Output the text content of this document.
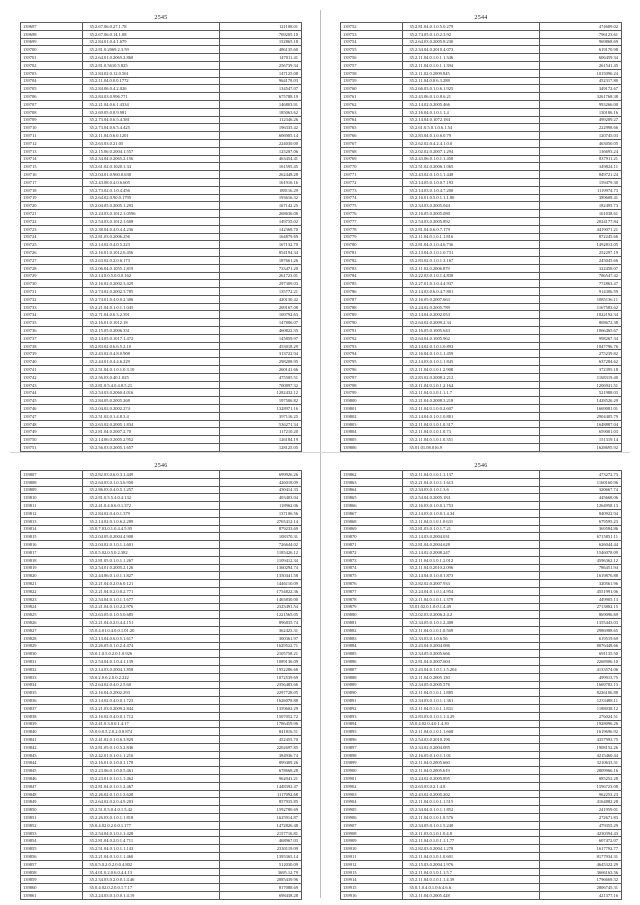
2545
139697	35.2.67.06.0.27.1.78	121108.01
139698	35.2.67.06.0.14.1.08	769205.10
139699	35.2.84.01.0.4.1.679	152865.18
139700	35.2.81.0.2069.2.3.59	486135.60
139701	35.2.64.01.0.2065.2.860	147011.41
139702	35.2.81.0.5610.5.825	256739.34
139703	35.2.84.02.0.12.0.561	147125.08
139704	35.2.11.04.0.0.0.1772	964178.03
139705	35.2.84.06.0.4.2.026	134547.07
139706	35.2.84.03.0.996.771	675788.19
139707	35.2.21.04.0.6.1.4334	146803.91
139708	35.2.69.05.0.8.9.981	185063.62
139709	35.2.73.04.0.6.5.4.381	112346.26
139710	35.2.73.04.0.6.5.4.425	196335.42
139711	35.2.11.04.0.6.0.1201	606905.14
139712	35.2.63.03.0.21.05	224030.00
139713	35.2.15.06.0.2004.1.557	125207.06
139714	35.2.34.04.0.2065.2.156	463454.41
139715	35.2.61.02.0.1020.1.34	161595.45
139716	35.2.04.01.0.960.0.630	262448.28
139717	35.2.43.08.0.4.0.6.605	161916.16
139718	35.2.73.02.0.1.0.4.456	188116.29
139719	35.2.64.02.0.90.0.1795	193616.32
139720	35.2.04.05.0.2005.1.293	167142.25
139721	35.2.24.03.0.1012.1.0596	268636.08
139722	35.2.54.03.0.1012.1.608	149735.02
139723	35.2.38.04.0.4.0.4.4.236	142368.70
139724	35.2.81.03.0.2006.256	164879.69
139725	35.2.14.02.0.4.0.5.223	167132.70
139726	35.2.16.01.0.1012.6.456	854194.34
139727	35.2.63.02.0.2.0.6.173	187661.26
139728	35.2.06.04.0.1055.1.819	733471.20
139729	35.2.14.0.0.5.0.0.0.162	261723.01
139730	35.2.16.02.0.2002.3.429	297309.03
139731	35.2.74.02.0.2002.3.785	135772.21
139732	35.2.74.01.0.4.0.0.2.306	420130.42
139733	35.2.21.04.0.1.0.1.1.045	209167.08
139734	35.2.71.04.0.6.3.2.391	169792.63
139735	35.2.16.01.0.1012.18	147806.07
139736	35.2.15.05.0.2006.331	460822.35
139737	35.2.14.05.0.1017.1.472	145859.97
139738	35.2.83.02.0.6.6.5.2.10	453018.29
139739	35.2.43.02.0.4.8.0.908	313722.94
139740	35.2.44.01.0.4.4.6.229	298208.95
139741	35.2.51.04.0.1.0.1.0.3.10	260141.66
139742	35.2.56.03.0.40.1.025	475505.51
139743	35.2.81.0.5.4.0.4.8.5.21	700897.32
139744	35.2.54.03.0.2060.4.016	1282432.12
139745	35.2.84.05.0.2005.268	197506.82
139746	35.2.04.02.0.2002.274	1328971.16
139747	35.2.51.02.0.1.4.8.3.4	397116.25
139748	35.2.63.02.0.2005.1.834	536271.34
139749	35.2.81.04.0.2007.2.70	117210.20
139750	35.2.14.06.0.2005.2.952	126184.19
139751	35.2.56.03.0.2005.1.657	128125.05
2544
139752	35.2.81.04.0.1.0.5.0.279	474689.02
139753	35.2.74.05.0.1.0.2.3.92	796123.61
139754	35.2.64.03.0.2005.8.230	969868.69
139755	35.2.34.04.0.2010.4.073	619170.98
139756	35.2.11.04.0.1.0.1.1.346	606459.34
139757	35.2.11.04.0.1.0.1.1.394	261541.45
139758	35.2.11.02.0.2009.845	1015096.24
139759	35.2.11.04.0.8.6.3.288	452317.80
139760	35.2.66.03.0.1.0.6.1.925	349172.67
139761	35.2.43.06.0.1.0.8.6.21	3261768.38
139762	35.2.14.02.0.2005.466	993266.00
139763	35.2.16.04.0.1.0.1.1.4	130186.16
139764	35.2.14.04.0.1072.184	499209.27
139765	35.2.61.0.5.0.1.0.6.1.54	222998.66
139766	35.2.83.04.0.1.0.6.0.79	120745.03
139767	35.2.62.02.0.4.2.4.1.0.0	463050.05
139768	35.2.02.02.0.2007.1.294	136693.24
139769	35.2.43.06.0.1.0.1.1.458	837911.21
139770	35.2.51.02.0.2006.1.065	349824.11
139771	35.2.43.02.0.1.0.1.1.448	849721.24
139772	35.2.14.05.0.1.0.0.7.193	159479.30
139773	35.2.14.03.0.1.0.4.7.200	1119974.73
139774	35.2.16.01.0.5.0.1.1.1.86	389608.41
139775	35.2.34.03.0.2005.044	182495.73
139776	35.2.16.05.0.2005.080	161038.61
139777	35.2.54.03.0.2005.892	2024177.84
139778	35.2.81.04.0.6.0.7.179	4419071.21
139779	35.2.11.04.0.1.0.1.1.816	872245.66
139780	35.2.81.04.0.1.0.4.6.736	1492813.05
139781	35.2.13.04.0.1.0.1.0.731	252297.19
139782	35.2.83.02.0.1.0.1.3.167	245045.66
139783	35.2.11.02.0.2006.879	322458.07
139784	35.2.22.03.0.1.0.1.4.838	786547.42
139785	35.2.27.01.0.1.0.4.4.937	772863.47
139786	35.2.14.03.0.6.0.4.7.801	914306.59
139787	35.2.16.05.0.2007.663	1085136.11
139788	35.2.24.02.0.2005.789	1167583.62
139789	35.2.14.04.0.2002.053	1022192.34
139790	35.2.64.02.0.2009.2.34	808672.38
139791	35.2.16.05.0.1005.643	1066465.67
139792	35.2.64.04.0.1005.962	998267.34
139793	35.2.14.02.0.1.0.1.0.893	1047796.76
139794	35.2.16.04.0.1.0.1.1.459	275239.82
139795	35.2.14.03.0.1.0.1.1.845	637284.62
139796	35.2.11.04.0.1.0.1.2.908	372395.18
139797	35.2.83.02.0.2008.2.212	1168319.40
139798	35.2.11.04.0.1.0.1.2.164	1206941.51
139799	35.2.11.04.0.1.0.1.1.1.7	521988.03
139800	35.2.21.04.0.2008.3.218	1428526.29
139801	35.2.11.04.0.1.0.0.2.607	1669081.01
139802	35.2.14.04.0.1.0.1.0.801	2904405.79
139803	35.2.11.04.0.1.0.1.0.317	1648887.04
139804	35.2.11.04.0.1.0.1.0.73	659001.03
139805	35.2.11.04.0.1.0.1.0.351	151319.14
139806	35.01.01.08.016.9	1628695.92
2546
139807	35.2.82.03.0.6.0.3.1.449	699926.26
139808	35.2.64.03.0.1.0.3.6.950	426018.09
139809	35.2.86.03.0.4.0.5.1.257	430414.33
139810	35.2.81.0.5.5.4.0.4.132	403403.04
139811	35.2.41.0.4.0.6.0.1.372	118962.06
139812	35.2.84.02.0.4.0.1.379	137106.56
139813	35.2.14.02.0.1.0.6.2.289	2765412.14
139814	35.0.7.03.0.1.0.4.4.5.95	879233.69
139815	35.2.04.05.0.2004.4.908	108370.31
139816	35.2.04.02.0.1.0.1.1.601	726644.02
139817	35.0.5.02.0.5.0.2.382	1185426.12
139818	35.2.81.05.0.1.0.1.1.267	1109412.34
139819	35.2.54.01.0.2005.2.126	1360294.74
139820	35.2.44.06.0.1.0.1.1.827	1350441.58
139821	35.2.21.04.0.2.0.6.0.121	1446110.09
139822	35.2.21.04.0.2.0.0.2.771	1754822.36
139823	35.2.54.04.0.1.0.1.1.677	1465830.00
139824	35.2.21.04.0.1.0.2.2.976	2325491.54
139825	35.2.63.05.0.1.0.5.0.685	1221565.05
139826	35.2.21.04.0.2.0.4.4.151	896835.74
139827	35.0.4.01.0.4.0.0.1.01.20	362423.31
139828	35.2.13.04.0.6.0.5.1.617	300361.97
139829	35.2.26.05.0.1.0.2.4.474	1629522.71
139830	35.0.1.0.5.0.2.0.1.0.926	2105758.21
139831	35.2.54.04.0.1.0.4.1.139	1089136.09
139832	35.2.14.03.0.2004.1.858	1952286.68
139833	35.0.2.0.0.2.0.0.2.222	1072539.69
139834	35.2.64.02.0.4.0.2.5.60	2356483.66
139835	35.2.16.04.0.2002.293	2297728.05
139836	35.2.14.02.0.4.0.0.1.723	1626078.88
139837	35.2.21.03.0.2009.2.844	1359602.29
139838	35.2.16.02.0.4.0.0.1.712	1507052.72
139839	35.2.41.0.3.0.0.1.4.17	1786459.96
139840	35.0.6.0.5.2.0.2.0.8.874	841816.51
139841	35.2.41.02.0.1.0.6.3.829	452455.70
139842	35.2.81.05.0.1.0.5.2.846	2202697.85
139843	35.2.42.01.0.1.0.1.1.216	384936.74
139844	35.2.16.01.0.1.0.0.1.178	899409.26
139845	35.2.23.06.0.1.0.0.5.461	678668.28
139846	35.2.23.01.0.1.0.1.1.462	962041.21
139847	35.2.81.04.0.1.0.1.2.467	1448392.47
139848	35.2.26.02.0.1.0.1.3.628	1117092.68
139849	35.2.64.02.0.2.0.4.9.203	857935.85
139850	35.2.51.0.5.0.4.0.1.5.42	1592780.69
139851	35.2.26.03.0.1.0.1.1.818	1625914.87
139852	35.0.4.02.0.2.0.0.1.177	1472826.48
139853	35.2.54.04.0.1.0.1.1.428	2157716.81
139854	35.2.81.04.0.2.0.1.4.711	468967.03
139855	35.2.51.04.0.1.0.1.1.143	2330119.09
139856	35.2.21.04.0.1.0.1.1.460	1395365.14
139857	35.0.5.0.2.0.2.0.0.4.802	512030.09
139858	35.4.01.0.2.0.6.0.4.4.13	3695.12.79
139859	35.2.34.03.0.2.0.0.1.4.46	2085439.96
139860	35.0.4.02.0.2.0.0.1.7.17	817088.69
139861	35.2.24.03.0.1.0.0.1.4.19	698438.28
2546
139862	35.2.11.04.0.1.0.1.1.137	473272.73
139863	35.2.21.04.0.1.0.1.1.613	1160160.96
139864	35.2.34.03.0.1.0.1.3.6	320667.74
139865	35.2.54.04.0.2005.184	445668.06
139866	35.2.16.03.0.1.0.0.1.753	1264958.13
139867	35.2.14.03.0.1.0.0.1.4.34	840922.94
139868	35.2.11.04.0.1.0.1.0.631	679595.23
139869	35.2.81.03.0.1.0.1.7.21	369584.86
139870	35.2.14.03.0.2004.031	6715851.11
139871	35.2.81.04.0.2004.628	626044.44
139872	35.2.14.02.0.2008.247	1546078.09
139873	35.2.11.04.0.1.0.1.2.012	4596362.12
139874	35.2.11.04.0.2010.2.096	786451.94
139875	35.2.14.04.0.1.0.0.1.873	1619876.88
139876	35.2.82.02.0.2007.933	320561.96
139877	35.2.24.04.0.1.0.1.4.954	4551991.06
139878	35.2.11.04.0.1.0.1.1.379	449905.13
139879	35.01.02.0.1.0.0.1.4.49	2713802.15
139880	35.2.02.03.0.2006.2.4.2	869096.69
139881	35.2.34.05.0.1.0.1.2.408	1355443.03
139882	35.2.11.04.0.1.0.1.0.569	2986988.65
139883	35.2.33.03.0.1.0.6.56	619519.69
139884	35.2.43.04.0.2004.086	8076448.66
139885	35.2.34.05.0.2005.666	691135.50
139886	35.2.81.04.0.2007.604	2268906.10
139887	35.2.43.04.0.1.0.1.1.5.204	4133574.06
139888	35.2.11.04.0.2005.130	499913.75
139889	35.2.34.05.0.2005.576	1669783.13
139890	35.2.11.04.0.1.0.1.1.885	8226106.88
139891	35.2.34.03.0.1.0.1.1.361	1233488.11
139892	35.2.11.04.0.1.0.1.1.831	1188038.12
139893	35.2.83.03.0.1.0.1.1.4.29	276024.51
139894	35.0.4.02.0.4.0.1.4.30	1928096.26
139895	35.2.11.04.0.1.0.1.1.668	1619696.92
139896	35.2.54.03.0.2010.196	4357993.75
139897	35.2.34.02.0.2004.085	1908152.26
139898	35.2.16.05.0.1.0.1.1.01	4215460.44
139899	35.2.11.04.0.2005.660	3210633.31
139900	35.2.11.04.0.2005.619	2809966.16
139901	35.2.24.02.0.2005.895	885252.28
139902	35.2.63.03.0.2.1.4.8	1596723.08
139903	35.2.43.02.0.2005.202	962253.23
139904	35.2.11.04.0.1.0.1.1.515	4164882.28
139905	35.2.34.04.0.1.0.1.1.852	241959.01
139906	35.2.11.04.0.1.0.1.0.576	272671.83
139907	35.2.34.05.0.1.0.1.5.240	479355.29
139908	35.2.11.03.0.1.0.1.0.4.8	4230394.43
139909	35.2.11.04.0.1.0.1.1.1.77	607472.07
139910	35.2.82.03.0.2004.1.278	1617792.77
139911	35.2.11.04.0.1.0.1.0.601	8177934.31
139912	35.2.15.03.0.2004.1.976	4645322.29
139913	35.2.11.04.0.1.0.1.1.5.7	3666163.56
139914	35.2.11.04.0.1.0.1.1.4.39	1796669.32
139915	35.0.1.0.4.0.1.0.6.4.6.6.	2806745.31
139916	35.2.11.04.0.2005.428	421377.16
